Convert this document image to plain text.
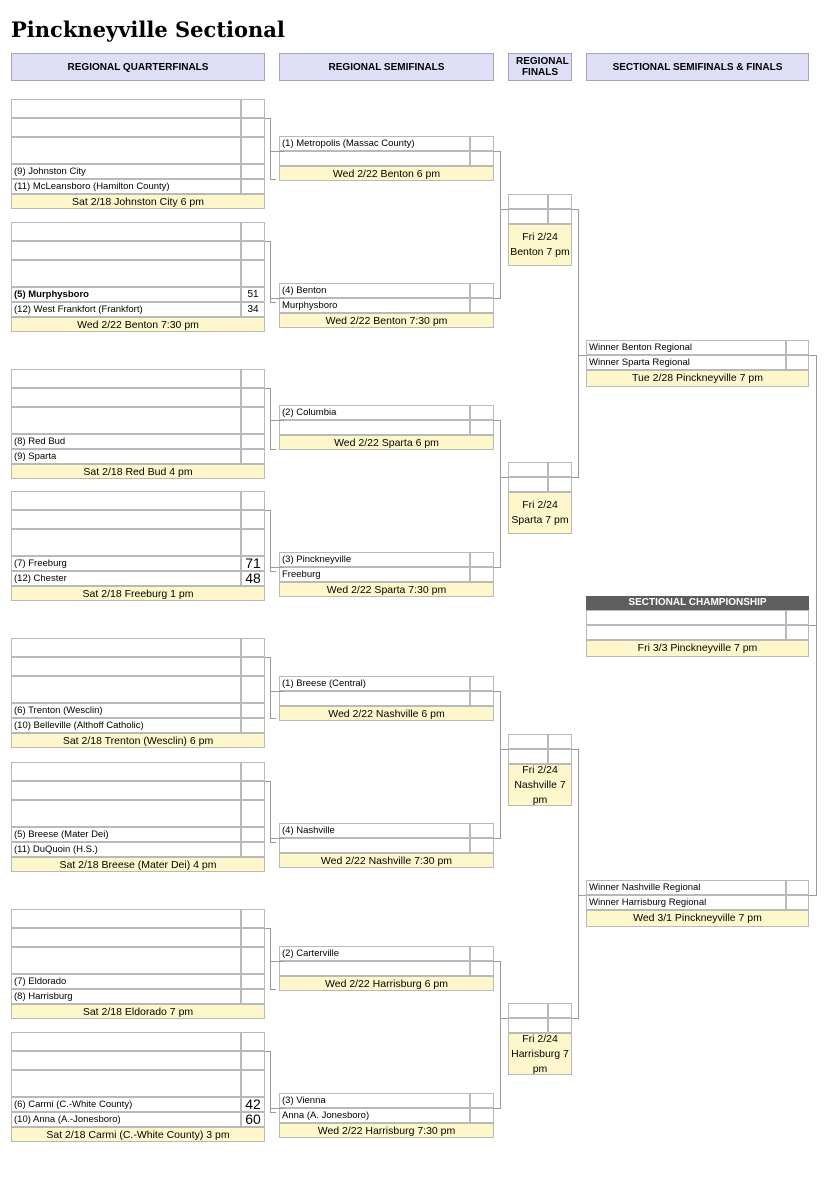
Pinckneyville Sectional
REGIONAL QUARTERFINALS	REGIONAL SEMIFINALS	REGIONAL FINALS	SECTIONAL SEMIFINALS & FINALS
(9) Johnston City
(11) McLeansboro (Hamilton County)
Sat 2/18 Johnston City 6 pm
(5) Murphysboro	51
(12) West Frankfort (Frankfort)	34
Wed 2/22 Benton 7:30 pm
(8) Red Bud
(9) Sparta
Sat 2/18 Red Bud 4 pm
(7) Freeburg	71
(12) Chester	48
Sat 2/18 Freeburg 1 pm
(6) Trenton (Wesclin)
(10) Belleville (Althoff Catholic)
Sat 2/18 Trenton (Wesclin) 6 pm
(5) Breese (Mater Dei)
(11) DuQuoin (H.S.)
Sat 2/18 Breese (Mater Dei) 4 pm
(7) Eldorado
(8) Harrisburg
Sat 2/18 Eldorado 7 pm
(6) Carmi (C.-White County)	42
(10) Anna (A.-Jonesboro)	60
Sat 2/18 Carmi (C.-White County) 3 pm
(1) Metropolis (Massac County)
Wed 2/22 Benton 6 pm
(4) Benton
Murphysboro
Wed 2/22 Benton 7:30 pm
(2) Columbia
Wed 2/22 Sparta 6 pm
(3) Pinckneyville
Freeburg
Wed 2/22 Sparta 7:30 pm
(1) Breese (Central)
Wed 2/22 Nashville 6 pm
(4) Nashville
Wed 2/22 Nashville 7:30 pm
(2) Carterville
Wed 2/22 Harrisburg 6 pm
(3) Vienna
Anna (A. Jonesboro)
Wed 2/22 Harrisburg 7:30 pm
Fri 2/24 Benton 7 pm
Fri 2/24 Sparta 7 pm
Fri 2/24 Nashville 7 pm
Fri 2/24 Harrisburg 7 pm
Winner Benton Regional
Winner Sparta Regional
Tue 2/28 Pinckneyville 7 pm
Winner Nashville Regional
Winner Harrisburg Regional
Wed 3/1 Pinckneyville 7 pm
SECTIONAL CHAMPIONSHIP
Fri 3/3 Pinckneyville 7 pm
